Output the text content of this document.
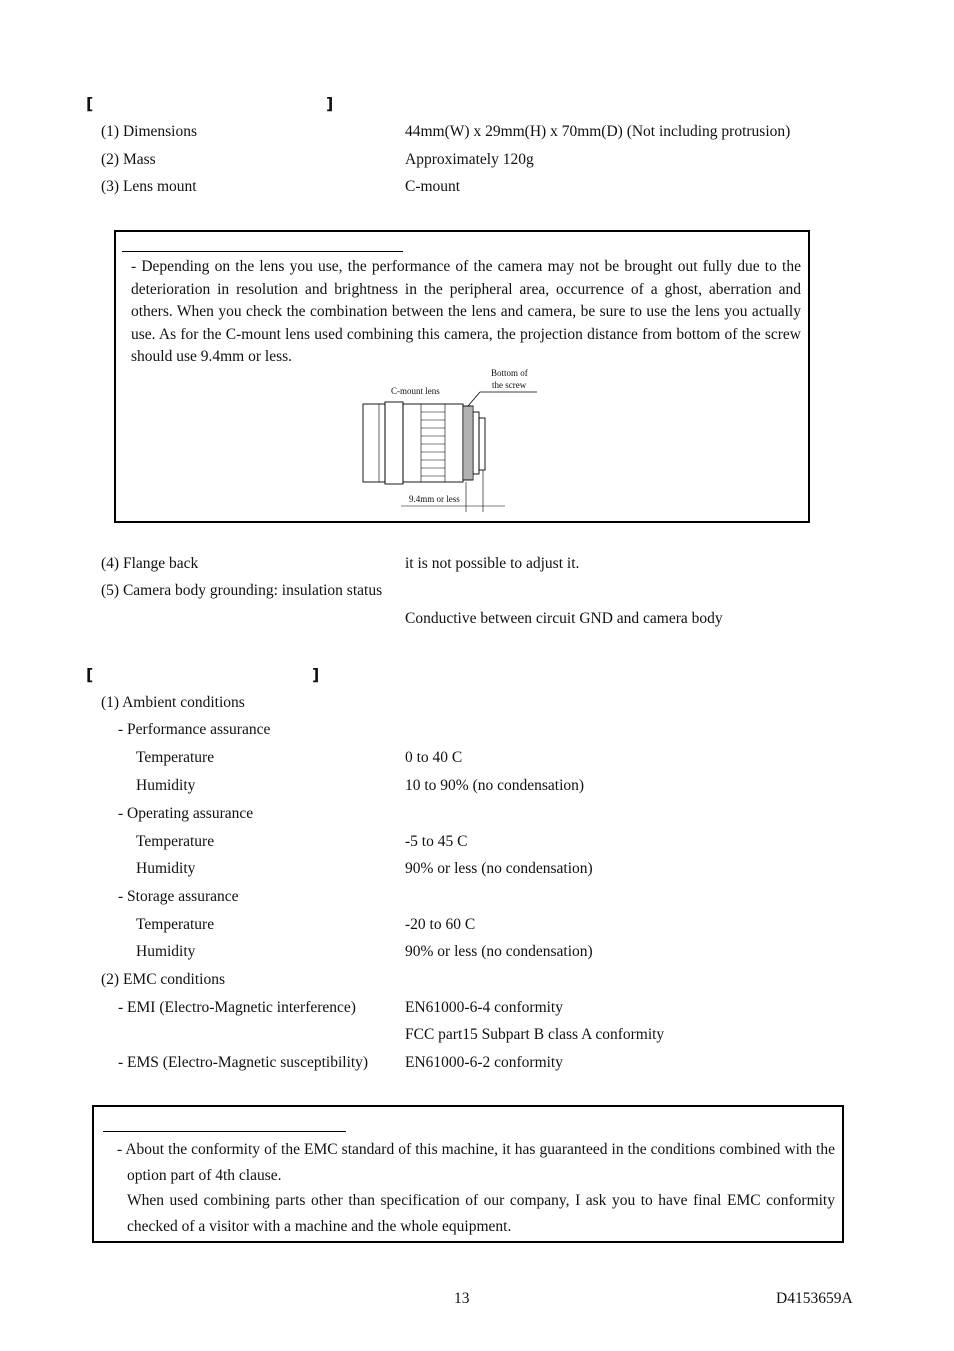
[	]
(1) Dimensions	44mm(W) x 29mm(H) x 70mm(D) (Not including protrusion)
(2) Mass	Approximately 120g
(3) Lens mount	C-mount
- Depending on the lens you use, the performance of the camera may not be brought out fully due to the deterioration in resolution and brightness in the peripheral area, occurrence of a ghost, aberration and others. When you check the combination between the lens and camera, be sure to use the lens you actually use. As for the C-mount lens used combining this camera, the projection distance from bottom of the screw should use 9.4mm or less.
C-mount lens
Bottom of
the screw
9.4mm or less
(4) Flange back	it is not possible to adjust it.
(5) Camera body grounding: insulation status
Conductive between circuit GND and camera body
[	]
(1) Ambient conditions
- Performance assurance
Temperature	0 to 40 C
Humidity	10 to 90% (no condensation)
- Operating assurance
Temperature	-5 to 45 C
Humidity	90% or less (no condensation)
- Storage assurance
Temperature	-20 to 60 C
Humidity	90% or less (no condensation)
(2) EMC conditions
- EMI (Electro-Magnetic interference)	EN61000-6-4 conformity
FCC part15 Subpart B class A conformity
- EMS (Electro-Magnetic susceptibility) EN61000-6-2 conformity
- About the conformity of the EMC standard of this machine, it has guaranteed in the conditions combined with the option part of 4th clause.
When used combining parts other than specification of our company, I ask you to have final EMC conformity checked of a visitor with a machine and the whole equipment.
13	D4153659A
